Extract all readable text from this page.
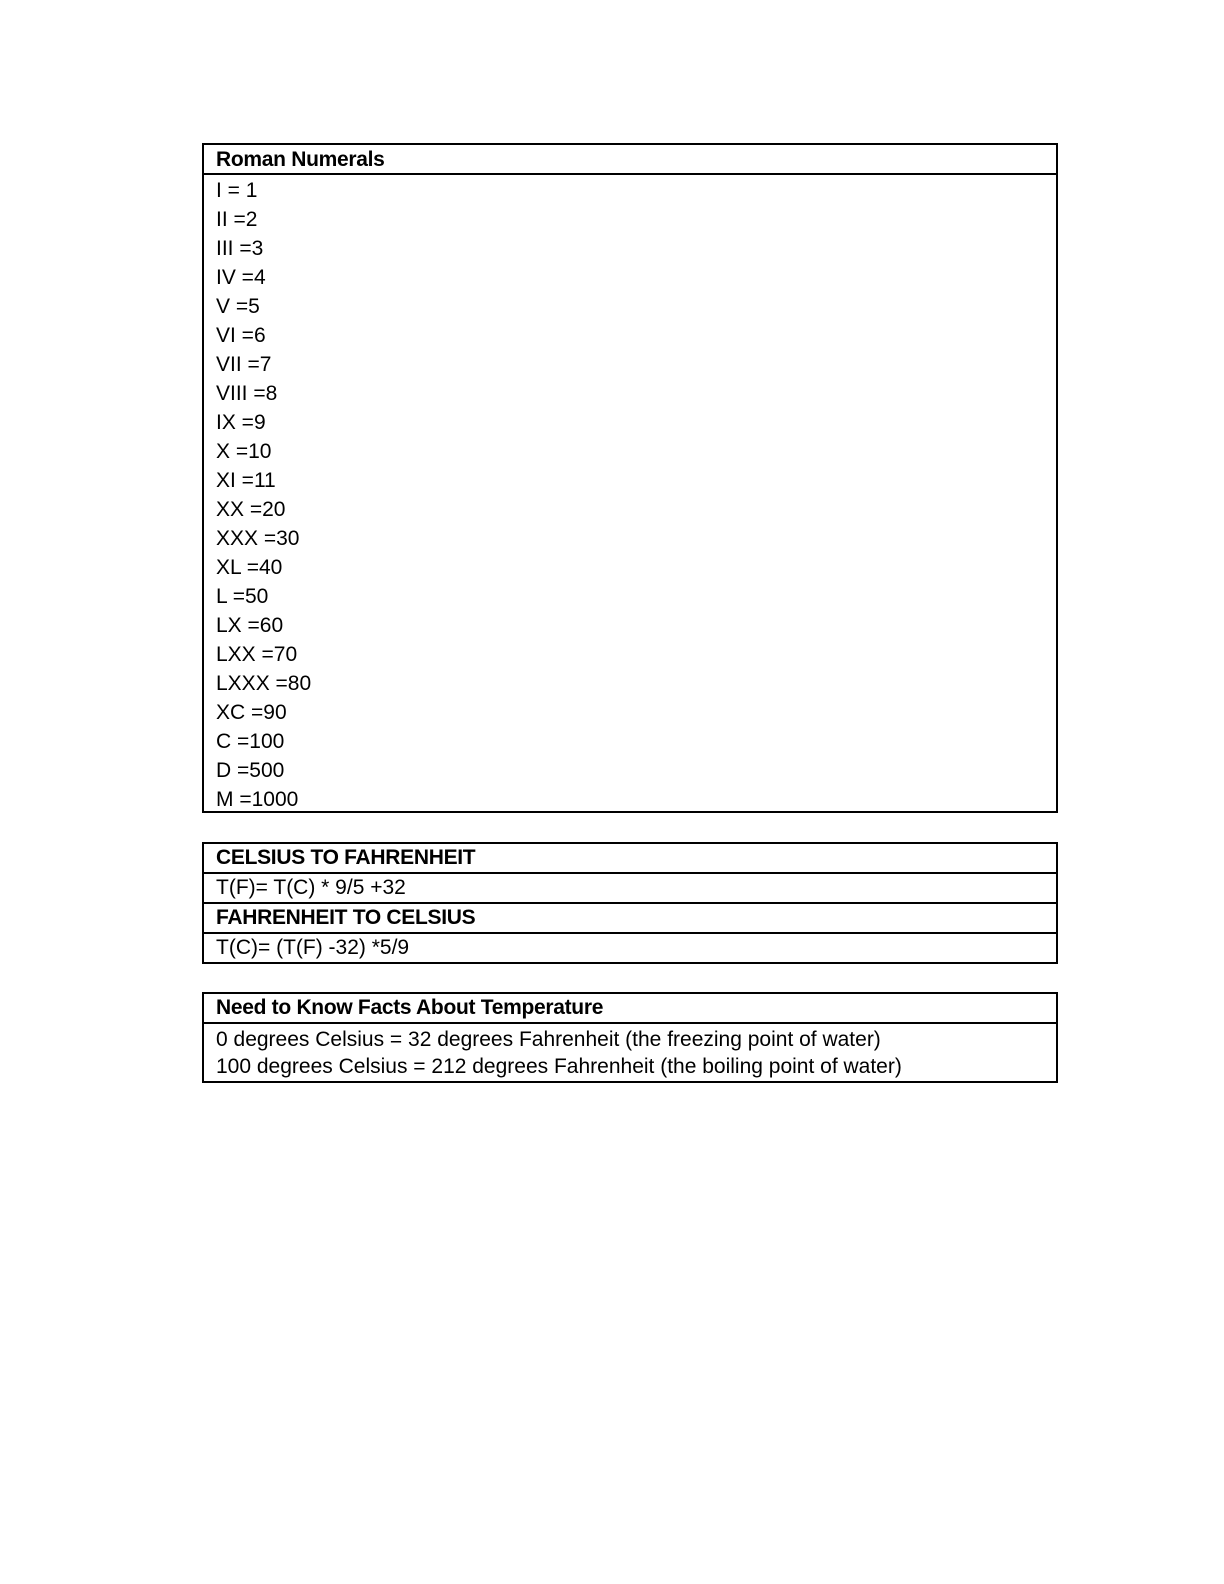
Roman Numerals
I = 1
II =2
III =3
IV =4
V =5
VI =6
VII =7
VIII =8
IX =9
X =10
XI =11
XX =20
XXX =30
XL =40
L =50
LX =60
LXX =70
LXXX =80
XC =90
C =100
D =500
M =1000
CELSIUS TO FAHRENHEIT
T(F)= T(C) * 9/5 +32
FAHRENHEIT TO CELSIUS
T(C)= (T(F) -32) *5/9
Need to Know Facts About Temperature
0 degrees Celsius = 32 degrees Fahrenheit (the freezing point of water)
100 degrees Celsius = 212 degrees Fahrenheit (the boiling point of water)
